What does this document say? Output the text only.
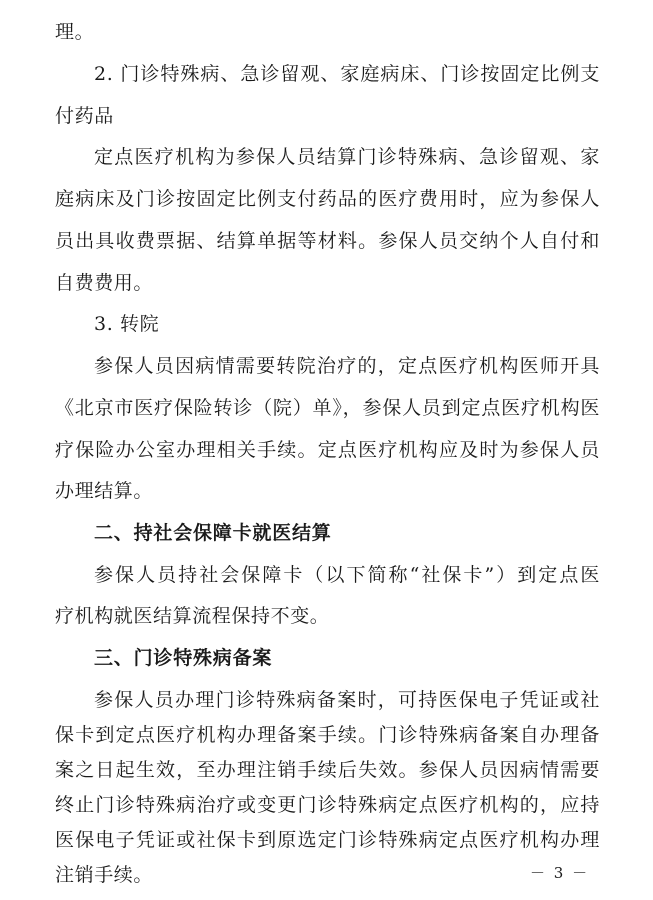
理。
2. 门诊特殊病、急诊留观、家庭病床、门诊按固定比例支
付药品
定点医疗机构为参保人员结算门诊特殊病、急诊留观、家
庭病床及门诊按固定比例支付药品的医疗费用时，应为参保人
员出具收费票据、结算单据等材料。参保人员交纳个人自付和
自费费用。
3. 转院
参保人员因病情需要转院治疗的，定点医疗机构医师开具
《北京市医疗保险转诊（院）单》，参保人员到定点医疗机构医
疗保险办公室办理相关手续。定点医疗机构应及时为参保人员
办理结算。
二、持社会保障卡就医结算
参保人员持社会保障卡（以下简称“社保卡”）到定点医
疗机构就医结算流程保持不变。
三、门诊特殊病备案
参保人员办理门诊特殊病备案时，可持医保电子凭证或社
保卡到定点医疗机构办理备案手续。门诊特殊病备案自办理备
案之日起生效，至办理注销手续后失效。参保人员因病情需要
终止门诊特殊病治疗或变更门诊特殊病定点医疗机构的，应持
医保电子凭证或社保卡到原选定门诊特殊病定点医疗机构办理
注销手续。	－ 3 －
